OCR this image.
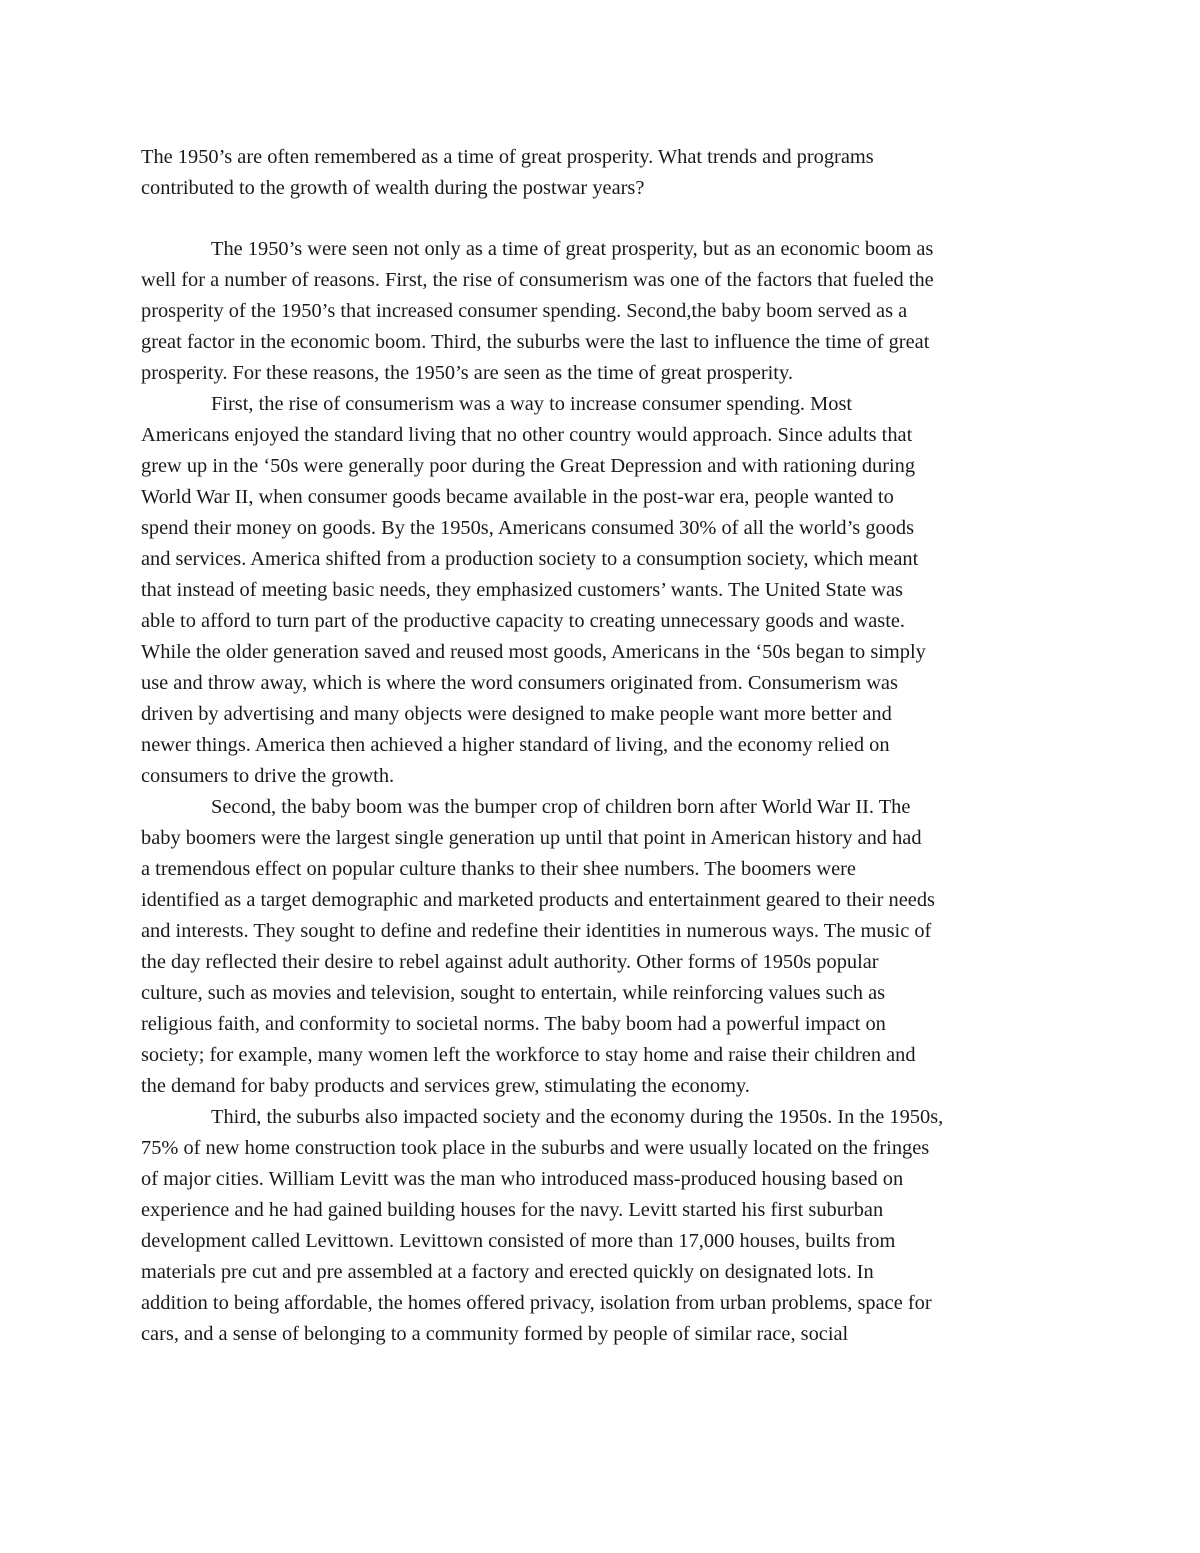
The 1950’s are often remembered as a time of great prosperity. What trends and programs
contributed to the growth of wealth during the postwar years?
The 1950’s were seen not only as a time of great prosperity, but as an economic boom as
well for a number of reasons. First, the rise of consumerism was one of the factors that fueled the
prosperity of the 1950’s that increased consumer spending. Second,the baby boom served as a
great factor in the economic boom. Third, the suburbs were the last to influence the time of great
prosperity. For these reasons, the 1950’s are seen as the time of great prosperity.
First, the rise of consumerism was a way to increase consumer spending. Most
Americans enjoyed the standard living that no other country would approach. Since adults that
grew up in the ‘50s were generally poor during the Great Depression and with rationing during
World War II, when consumer goods became available in the post-war era, people wanted to
spend their money on goods. By the 1950s, Americans consumed 30% of all the world’s goods
and services. America shifted from a production society to a consumption society, which meant
that instead of meeting basic needs, they emphasized customers’ wants. The United State was
able to afford to turn part of the productive capacity to creating unnecessary goods and waste.
While the older generation saved and reused most goods, Americans in the ‘50s began to simply
use and throw away, which is where the word consumers originated from. Consumerism was
driven by advertising and many objects were designed to make people want more better and
newer things. America then achieved a higher standard of living, and the economy relied on
consumers to drive the growth.
Second, the baby boom was the bumper crop of children born after World War II. The
baby boomers were the largest single generation up until that point in American history and had
a tremendous effect on popular culture thanks to their shee numbers. The boomers were
identified as a target demographic and marketed products and entertainment geared to their needs
and interests. They sought to define and redefine their identities in numerous ways. The music of
the day reflected their desire to rebel against adult authority. Other forms of 1950s popular
culture, such as movies and television, sought to entertain, while reinforcing values such as
religious faith, and conformity to societal norms. The baby boom had a powerful impact on
society; for example, many women left the workforce to stay home and raise their children and
the demand for baby products and services grew, stimulating the economy.
Third, the suburbs also impacted society and the economy during the 1950s. In the 1950s,
75% of new home construction took place in the suburbs and were usually located on the fringes
of major cities. William Levitt was the man who introduced mass-produced housing based on
experience and he had gained building houses for the navy. Levitt started his first suburban
development called Levittown. Levittown consisted of more than 17,000 houses, builts from
materials pre cut and pre assembled at a factory and erected quickly on designated lots. In
addition to being affordable, the homes offered privacy, isolation from urban problems, space for
cars, and a sense of belonging to a community formed by people of similar race, social
